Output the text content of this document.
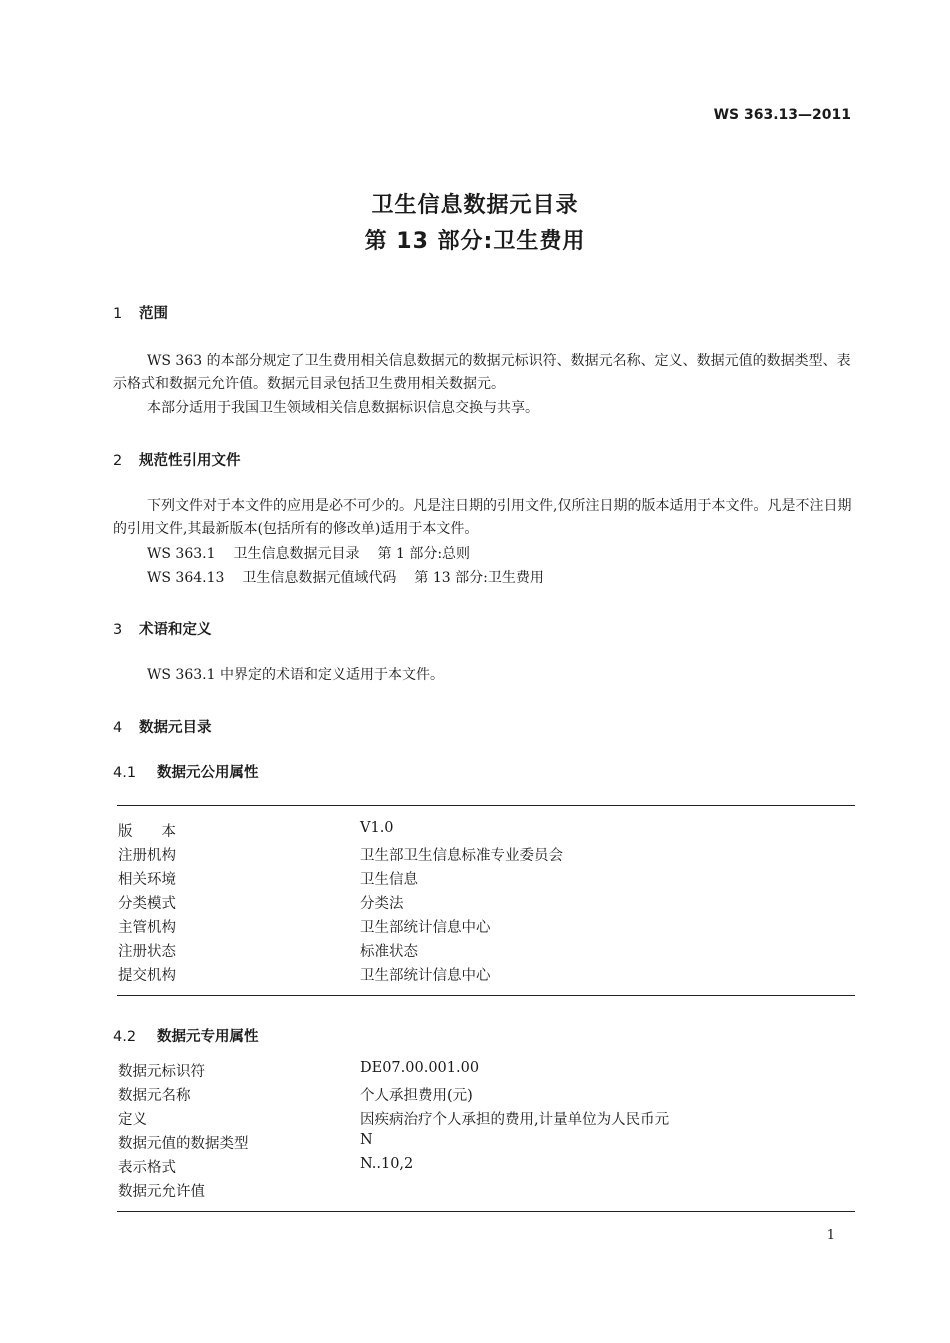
WS 363.13—2011
卫生信息数据元目录
第 13 部分:卫生费用
1 范围
WS 363 的本部分规定了卫生费用相关信息数据元的数据元标识符、数据元名称、定义、数据元值的数据类型、表示格式和数据元允许值。数据元目录包括卫生费用相关数据元。
本部分适用于我国卫生领域相关信息数据标识信息交换与共享。
2 规范性引用文件
下列文件对于本文件的应用是必不可少的。凡是注日期的引用文件,仅所注日期的版本适用于本文件。凡是不注日期的引用文件,其最新版本(包括所有的修改单)适用于本文件。
WS 363.1 卫生信息数据元目录 第 1 部分:总则
WS 364.13 卫生信息数据元值域代码 第 13 部分:卫生费用
3 术语和定义
WS 363.1 中界定的术语和定义适用于本文件。
4 数据元目录
4.1 数据元公用属性
版　　本	V1.0
注册机构	卫生部卫生信息标准专业委员会
相关环境	卫生信息
分类模式	分类法
主管机构	卫生部统计信息中心
注册状态	标准状态
提交机构	卫生部统计信息中心
4.2 数据元专用属性
数据元标识符	DE07.00.001.00
数据元名称	个人承担费用(元)
定义	因疾病治疗个人承担的费用,计量单位为人民币元
数据元值的数据类型	N
表示格式	N..10,2
数据元允许值
1
